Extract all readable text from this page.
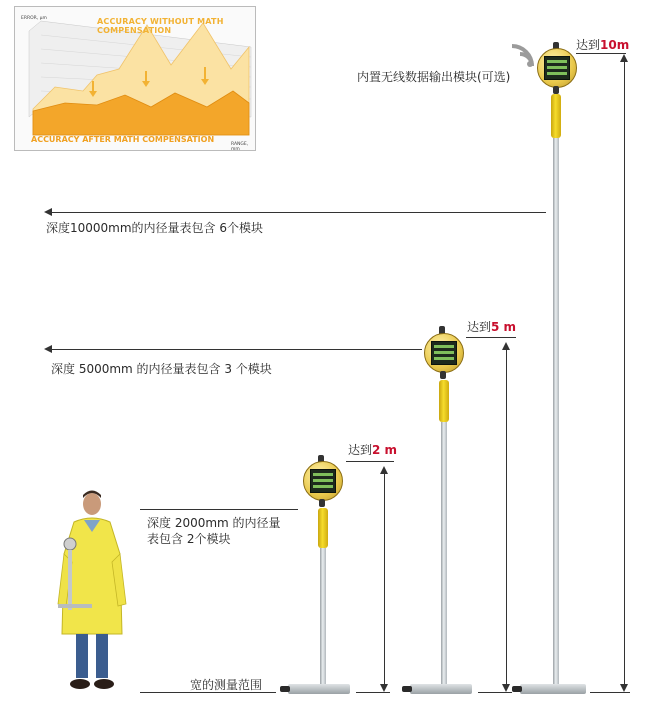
ACCURACY WITHOUT MATH COMPENSATION
ACCURACY AFTER MATH COMPENSATION
ERROR, μm
RANGE, mm
内置无线数据输出模块(可选)
达到10m
深度10000mm的内径量表包含 6个模块
达到5 m
深度 5000mm 的内径量表包含 3 个模块
达到2 m
深度 2000mm 的内径量
表包含 2个模块
宽的测量范围
